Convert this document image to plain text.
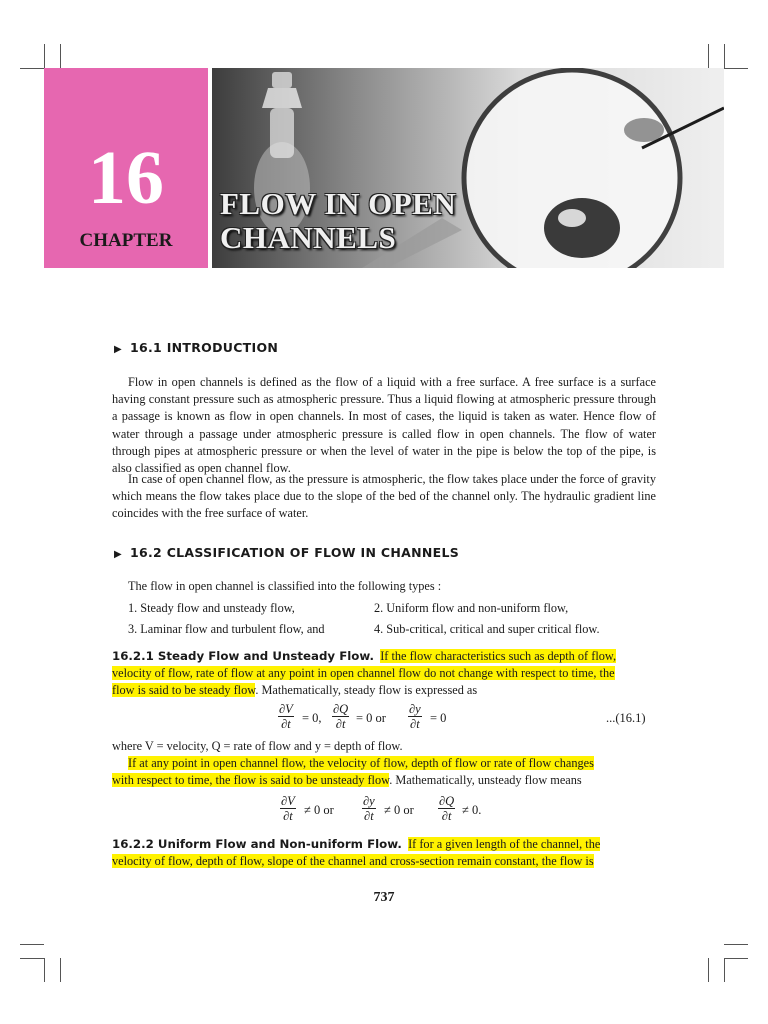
16
CHAPTER
FLOW IN OPEN
CHANNELS
▶ 16.1 INTRODUCTION

Flow in open channels is defined as the flow of a liquid with a free surface. A free surface is a surface having constant pressure such as atmospheric pressure. Thus a liquid flowing at atmospheric pressure through a passage is known as flow in open channels. In most of cases, the liquid is taken as water. Hence flow of water through a passage under atmospheric pressure is called flow in open channels. The flow of water through pipes at atmospheric pressure or when the level of water in the pipe is below the top of the pipe, is also classified as open channel flow.

In case of open channel flow, as the pressure is atmospheric, the flow takes place under the force of gravity which means the flow takes place due to the slope of the bed of the channel only. The hydraulic gradient line coincides with the free surface of water.

▶ 16.2 CLASSIFICATION OF FLOW IN CHANNELS
The flow in open channel is classified into the following types :
1. Steady flow and unsteady flow,	2. Uniform flow and non-uniform flow,
3. Laminar flow and turbulent flow, and	4. Sub-critical, critical and super critical flow.
16.2.1 Steady Flow and Unsteady Flow. If the flow characteristics such as depth of flow,
velocity of flow, rate of flow at any point in open channel flow do not change with respect to time, the
flow is said to be steady flow. Mathematically, steady flow is expressed as
$\frac{\partial V}{\partial t} = 0$, $\frac{\partial Q}{\partial t} = 0$ or $\frac{\partial y}{\partial t} = 0$	...(16.1)
where V = velocity, Q = rate of flow and y = depth of flow.
If at any point in open channel flow, the velocity of flow, depth of flow or rate of flow changes
with respect to time, the flow is said to be unsteady flow. Mathematically, unsteady flow means
$\frac{\partial V}{\partial t} \ne 0$ or $\frac{\partial y}{\partial t} \ne 0$ or $\frac{\partial Q}{\partial t} \ne 0$.
16.2.2 Uniform Flow and Non-uniform Flow. If for a given length of the channel, the
velocity of flow, depth of flow, slope of the channel and cross-section remain constant, the flow is
737
